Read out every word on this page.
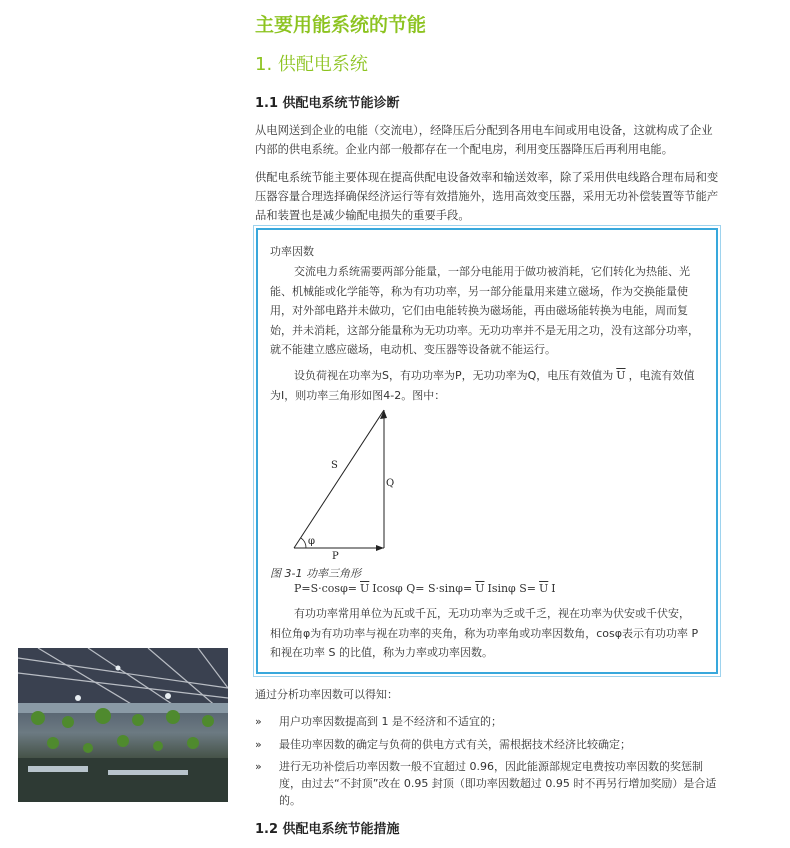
主要用能系统的节能
1. 供配电系统
1.1 供配电系统节能诊断
从电网送到企业的电能（交流电），经降压后分配到各用电车间或用电设备，这就构成了企业内部的供电系统。企业内部一般都存在一个配电房，利用变压器降压后再利用电能。
供配电系统节能主要体现在提高供配电设备效率和输送效率，除了采用供电线路合理布局和变压器容量合理选择确保经济运行等有效措施外，选用高效变压器，采用无功补偿装置等节能产品和装置也是减少输配电损失的重要手段。
功率因数
交流电力系统需要两部分能量，一部分电能用于做功被消耗，它们转化为热能、光能、机械能或化学能等，称为有功功率，另一部分能量用来建立磁场，作为交换能量使用，对外部电路并未做功，它们由电能转换为磁场能，再由磁场能转换为电能，周而复始，并未消耗，这部分能量称为无功功率。无功功率并不是无用之功，没有这部分功率，就不能建立感应磁场，电动机、变压器等设备就不能运行。
设负荷视在功率为S，有功功率为P，无功功率为Q，电压有效值为 $\overline{U}$ ，电流有效值为I，则功率三角形如图4-2。图中：
S
Q
P
φ
图 3-1 功率三角形
$P=S\cdot\cos\varphi= \overline{U}$ Icosφ $Q= S\cdot\sin\varphi= \overline{U}$ Isinφ $S= \overline{U}$ I
有功功率常用单位为瓦或千瓦，无功功率为乏或千乏，视在功率为伏安或千伏安，相位角φ为有功功率与视在功率的夹角，称为功率角或功率因数角，cosφ表示有功功率 P 和视在功率 S 的比值，称为力率或功率因数。
通过分析功率因数可以得知：
» 用户功率因数提高到 1 是不经济和不适宜的；
» 最佳功率因数的确定与负荷的供电方式有关，需根据技术经济比较确定；
» 进行无功补偿后功率因数一般不宜超过 0.96，因此能源部规定电费按功率因数的奖惩制度，由过去“不封顶”改在 0.95 封顶（即功率因数超过 0.95 时不再另行增加奖励）是合适的。
1.2 供配电系统节能措施
